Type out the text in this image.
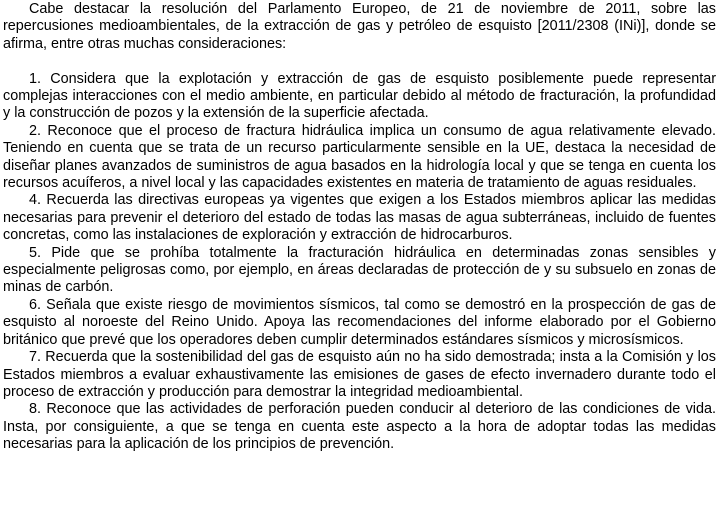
Cabe destacar la resolución del Parlamento Europeo, de 21 de noviembre de 2011, sobre las repercusiones medioambientales, de la extracción de gas y petróleo de esquisto [2011/2308 (INi)], donde se afirma, entre otras muchas consideraciones:

1. Considera que la explotación y extracción de gas de esquisto posiblemente puede representar complejas interacciones con el medio ambiente, en particular debido al método de fracturación, la profundidad y la construcción de pozos y la extensión de la superficie afectada.

2. Reconoce que el proceso de fractura hidráulica implica un consumo de agua relativamente elevado. Teniendo en cuenta que se trata de un recurso particularmente sensible en la UE, destaca la necesidad de diseñar planes avanzados de suministros de agua basados en la hidrología local y que se tenga en cuenta los recursos acuíferos, a nivel local y las capacidades existentes en materia de tratamiento de aguas residuales.

4. Recuerda las directivas europeas ya vigentes que exigen a los Estados miembros aplicar las medidas necesarias para prevenir el deterioro del estado de todas las masas de agua subterráneas, incluido de fuentes concretas, como las instalaciones de exploración y extracción de hidrocarburos.

5. Pide que se prohíba totalmente la fracturación hidráulica en determinadas zonas sensibles y especialmente peligrosas como, por ejemplo, en áreas declaradas de protección de y su subsuelo en zonas de minas de carbón.

6. Señala que existe riesgo de movimientos sísmicos, tal como se demostró en la prospección de gas de esquisto al noroeste del Reino Unido. Apoya las recomendaciones del informe elaborado por el Gobierno británico que prevé que los operadores deben cumplir determinados estándares sísmicos y microsísmicos.

7. Recuerda que la sostenibilidad del gas de esquisto aún no ha sido demostrada; insta a la Comisión y los Estados miembros a evaluar exhaustivamente las emisiones de gases de efecto invernadero durante todo el proceso de extracción y producción para demostrar la integridad medioambiental.

8. Reconoce que las actividades de perforación pueden conducir al deterioro de las condiciones de vida. Insta, por consiguiente, a que se tenga en cuenta este aspecto a la hora de adoptar todas las medidas necesarias para la aplicación de los principios de prevención.
